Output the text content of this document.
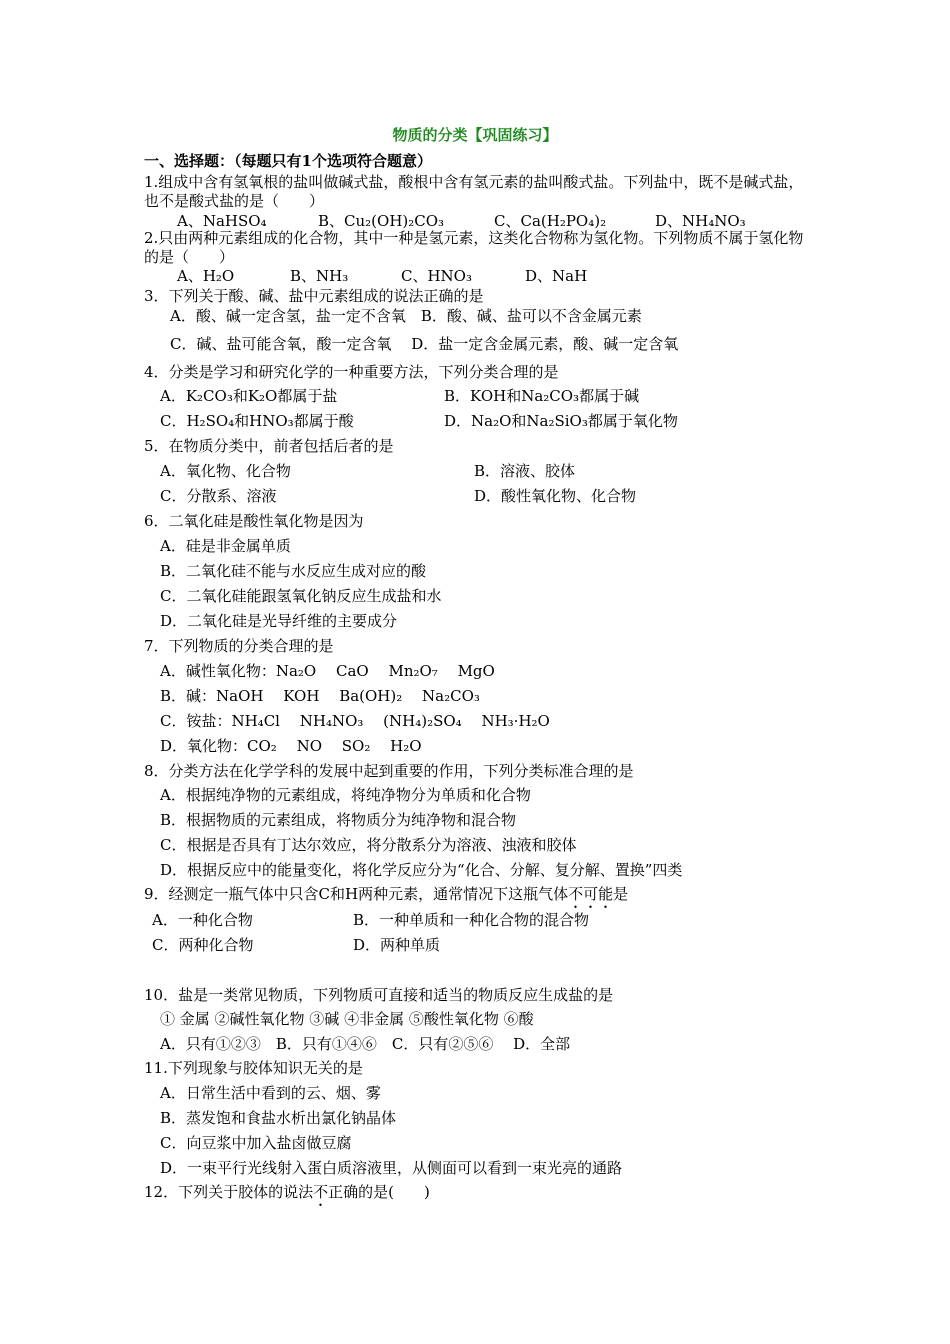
物质的分类【巩固练习】
一、选择题：（每题只有1个选项符合题意）
1.组成中含有氢氧根的盐叫做碱式盐，酸根中含有氢元素的盐叫酸式盐。下列盐中，既不是碱式盐，也不是酸式盐的是（　　）
A、NaHSO₄	B、Cu₂(OH)₂CO₃	C、Ca(H₂PO₄)₂	D、NH₄NO₃
2.只由两种元素组成的化合物，其中一种是氢元素，这类化合物称为氢化物。下列物质不属于氢化物的是（　　）
A、H₂O	B、NH₃	C、HNO₃	D、NaH
3．下列关于酸、碱、盐中元素组成的说法正确的是
A．酸、碱一定含氢，盐一定不含氧　B．酸、碱、盐可以不含金属元素
C．碱、盐可能含氧，酸一定含氧　 D．盐一定含金属元素，酸、碱一定含氧
4．分类是学习和研究化学的一种重要方法，下列分类合理的是
A．K₂CO₃和K₂O都属于盐	B．KOH和Na₂CO₃都属于碱
C．H₂SO₄和HNO₃都属于酸	D．Na₂O和Na₂SiO₃都属于氧化物
5．在物质分类中，前者包括后者的是
A．氧化物、化合物	B．溶液、胶体
C．分散系、溶液	D．酸性氧化物、化合物
6．二氧化硅是酸性氧化物是因为
A．硅是非金属单质
B．二氧化硅不能与水反应生成对应的酸
C．二氧化硅能跟氢氧化钠反应生成盐和水
D．二氧化硅是光导纤维的主要成分
7．下列物质的分类合理的是
A．碱性氧化物：Na₂O　 CaO　 Mn₂O₇　 MgO
B．碱：NaOH　 KOH　 Ba(OH)₂　 Na₂CO₃
C．铵盐：NH₄Cl　 NH₄NO₃　 (NH₄)₂SO₄　 NH₃·H₂O
D．氧化物：CO₂　 NO　 SO₂　 H₂O
8．分类方法在化学学科的发展中起到重要的作用，下列分类标准合理的是
A．根据纯净物的元素组成，将纯净物分为单质和化合物
B．根据物质的元素组成，将物质分为纯净物和混合物
C．根据是否具有丁达尔效应，将分散系分为溶液、浊液和胶体
D．根据反应中的能量变化，将化学反应分为“化合、分解、复分解、置换”四类
9．经测定一瓶气体中只含C和H两种元素，通常情况下这瓶气体不可能是
A．一种化合物	B．一种单质和一种化合物的混合物
C．两种化合物	D．两种单质
10．盐是一类常见物质，下列物质可直接和适当的物质反应生成盐的是
① 金属 ②碱性氧化物 ③碱 ④非金属 ⑤酸性氧化物 ⑥酸
A．只有①②③　B．只有①④⑥　C．只有②⑤⑥　 D．全部
11.下列现象与胶体知识无关的是
A．日常生活中看到的云、烟、雾
B．蒸发饱和食盐水析出氯化钠晶体
C．向豆浆中加入盐卤做豆腐
D．一束平行光线射入蛋白质溶液里，从侧面可以看到一束光亮的通路
12．下列关于胶体的说法不正确的是(　　)
